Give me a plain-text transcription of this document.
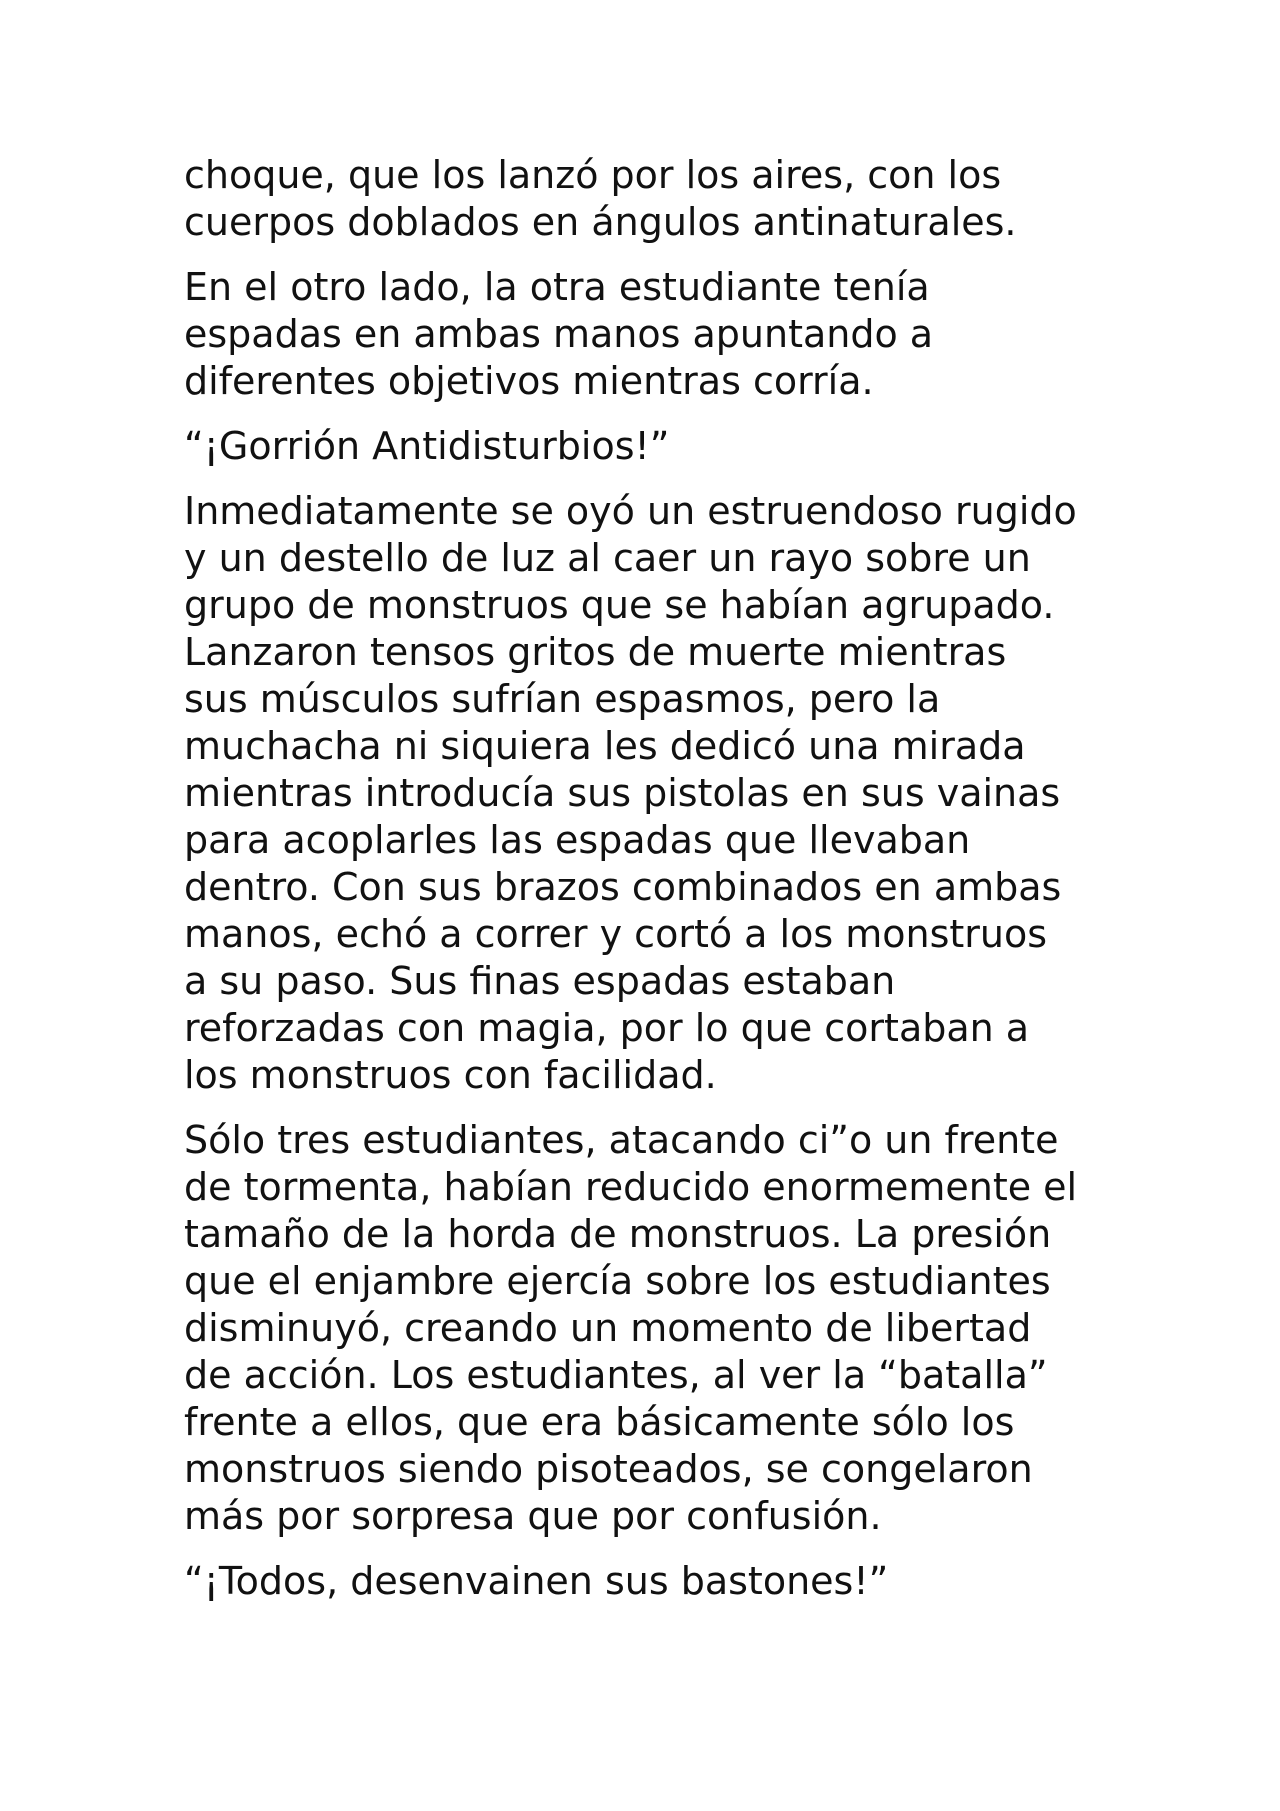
choque, que los lanzó por los aires, con los
cuerpos doblados en ángulos antinaturales.

En el otro lado, la otra estudiante tenía
espadas en ambas manos apuntando a
diferentes objetivos mientras corría.

“¡Gorrión Antidisturbios!”

Inmediatamente se oyó un estruendoso rugido
y un destello de luz al caer un rayo sobre un
grupo de monstruos que se habían agrupado.
Lanzaron tensos gritos de muerte mientras
sus músculos sufrían espasmos, pero la
muchacha ni siquiera les dedicó una mirada
mientras introducía sus pistolas en sus vainas
para acoplarles las espadas que llevaban
dentro. Con sus brazos combinados en ambas
manos, echó a correr y cortó a los monstruos
a su paso. Sus finas espadas estaban
reforzadas con magia, por lo que cortaban a
los monstruos con facilidad.

Sólo tres estudiantes, atacando ci”o un frente
de tormenta, habían reducido enormemente el
tamaño de la horda de monstruos. La presión
que el enjambre ejercía sobre los estudiantes
disminuyó, creando un momento de libertad
de acción. Los estudiantes, al ver la “batalla”
frente a ellos, que era básicamente sólo los
monstruos siendo pisoteados, se congelaron
más por sorpresa que por confusión.

“¡Todos, desenvainen sus bastones!”
